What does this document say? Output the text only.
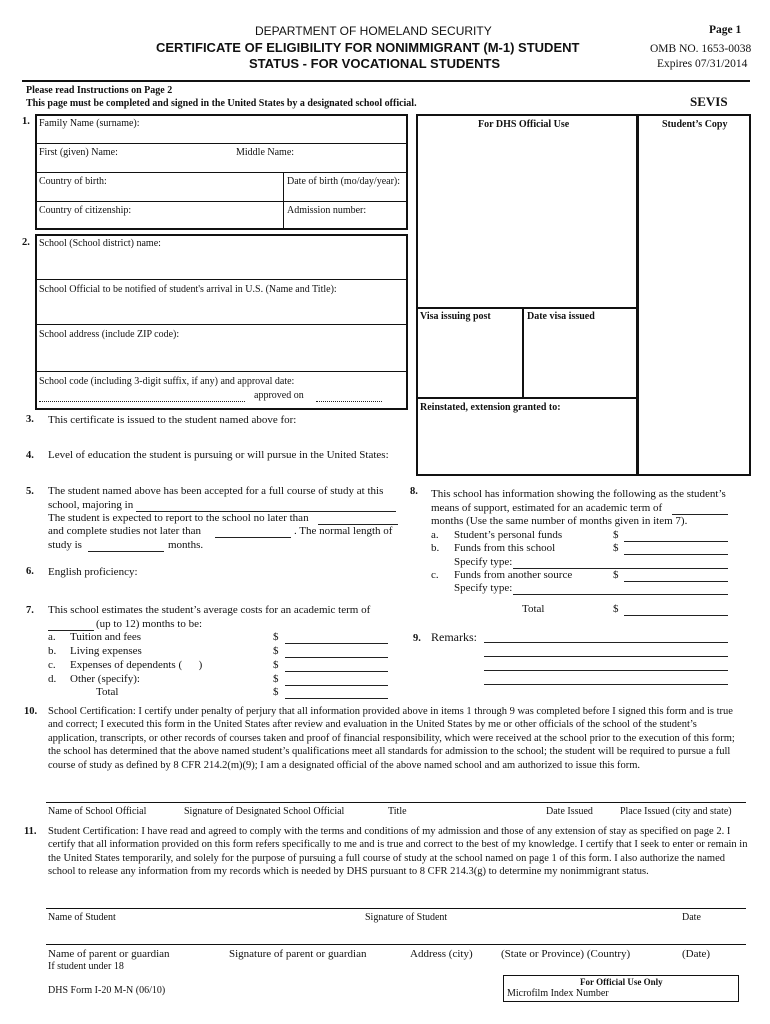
DEPARTMENT OF HOMELAND SECURITY
CERTIFICATE OF ELIGIBILITY FOR NONIMMIGRANT (M-1) STUDENT
STATUS - FOR VOCATIONAL STUDENTS
Page 1
OMB NO. 1653-0038
Expires 07/31/2014
Please read Instructions on Page 2
This page must be completed and signed in the United States by a designated school official.	SEVIS
1. Family Name (surname):
First (given) Name:	Middle Name:
Country of birth:	Date of birth (mo/day/year):
Country of citizenship:	Admission number:
2. School (School district) name:
School Official to be notified of student's arrival in U.S. (Name and Title):
School address (include ZIP code):
School code (including 3-digit suffix, if any) and approval date:
approved on
For DHS Official Use	Student’s Copy
Visa issuing post	Date visa issued
Reinstated, extension granted to:
3. This certificate is issued to the student named above for:
4. Level of education the student is pursuing or will pursue in the United States:
5. The student named above has been accepted for a full course of study at this
school, majoring in
The student is expected to report to the school no later than
and complete studies not later than	. The normal length of
study is	months.
6. English proficiency:
7. This school estimates the student’s average costs for an academic term of
(up to 12) months to be:
a. Tuition and fees	$
b. Living expenses	$
c. Expenses of dependents (      )	$
d. Other (specify):	$
Total	$
8. This school has information showing the following as the student’s
means of support, estimated for an academic term of
months (Use the same number of months given in item 7).
a. Student’s personal funds	$
b. Funds from this school	$
Specify type:
c. Funds from another source	$
Specify type:
Total	$
9. Remarks:
10. School Certification: I certify under penalty of perjury that all information provided above in items 1 through 9 was completed before I signed this form and is true and correct; I executed this form in the United States after review and evaluation in the United States by me or other officials of the school of the student’s application, transcripts, or other records of courses taken and proof of financial responsibility, which were received at the school prior to the execution of this form; the school has determined that the above named student’s qualifications meet all standards for admission to the school; the student will be required to pursue a full course of study as defined by 8 CFR 214.2(m)(9); I am a designated official of the above named school and am authorized to issue this form.
Name of School Official	Signature of Designated School Official	Title	Date Issued	Place Issued (city and state)
11. Student Certification: I have read and agreed to comply with the terms and conditions of my admission and those of any extension of stay as specified on page 2. I certify that all information provided on this form refers specifically to me and is true and correct to the best of my knowledge. I certify that I seek to enter or remain in the United States temporarily, and solely for the purpose of pursuing a full course of study at the school named on page 1 of this form. I also authorize the named school to release any information from my records which is needed by DHS pursuant to 8 CFR 214.3(g) to determine my nonimmigrant status.
Name of Student	Signature of Student	Date
Name of parent or guardian
If student under 18
Signature of parent or guardian	Address (city)	(State or Province) (Country)	(Date)
DHS Form I-20 M-N (06/10)
For Official Use Only
Microfilm Index Number
